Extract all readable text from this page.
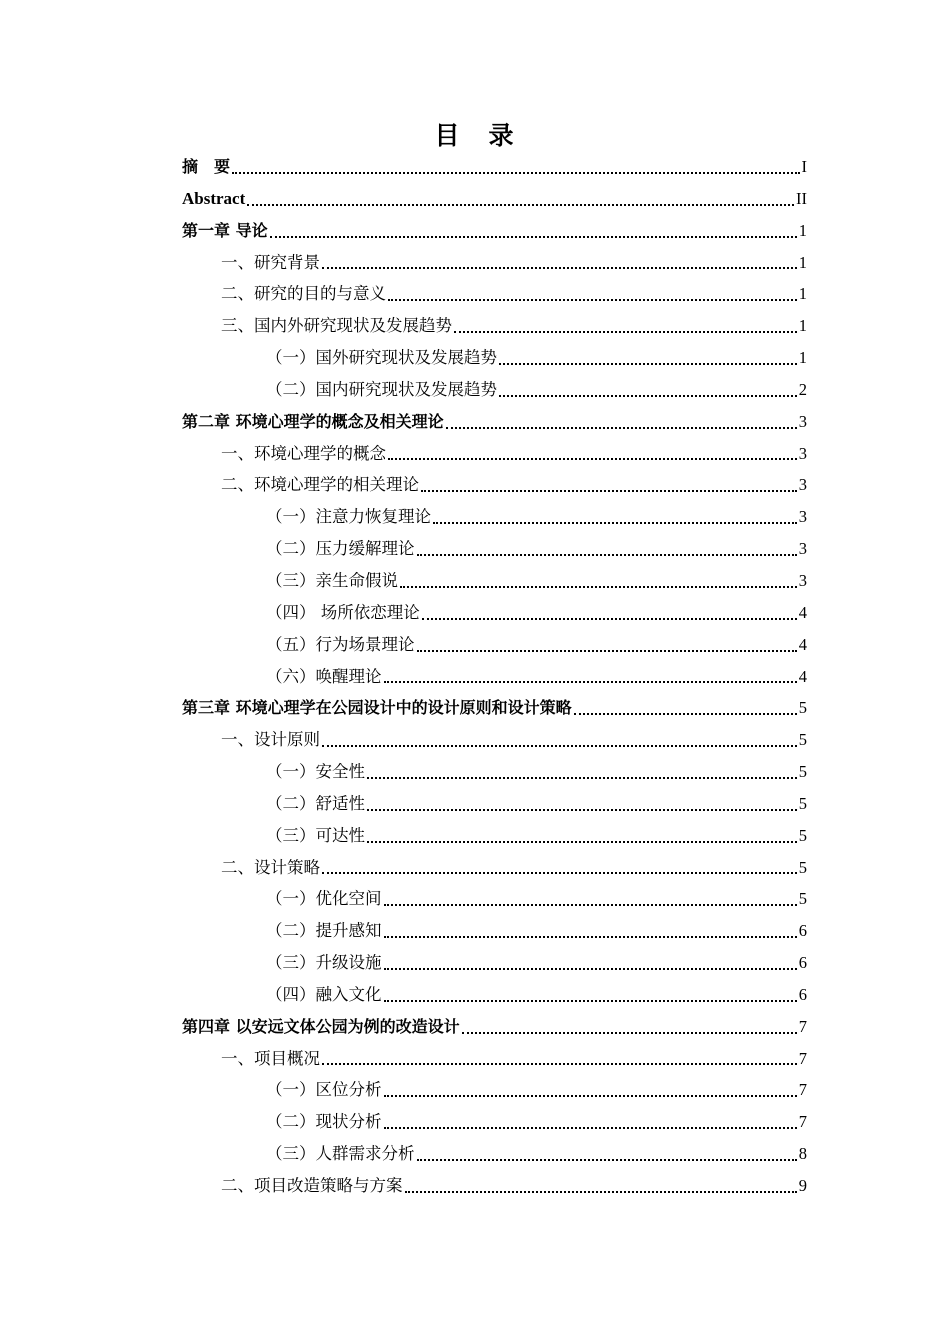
目　录
摘　要	I
Abstract	II
第一章 导论	1
一、研究背景	1
二、研究的目的与意义	1
三、国内外研究现状及发展趋势	1
（一）国外研究现状及发展趋势	1
（二）国内研究现状及发展趋势	2
第二章 环境心理学的概念及相关理论	3
一、环境心理学的概念	3
二、环境心理学的相关理论	3
（一）注意力恢复理论	3
（二）压力缓解理论	3
（三）亲生命假说	3
（四） 场所依恋理论	4
（五）行为场景理论	4
（六）唤醒理论	4
第三章 环境心理学在公园设计中的设计原则和设计策略	5
一、设计原则	5
（一）安全性	5
（二）舒适性	5
（三）可达性	5
二、设计策略	5
（一）优化空间	5
（二）提升感知	6
（三）升级设施	6
（四）融入文化	6
第四章 以安远文体公园为例的改造设计	7
一、项目概况	7
（一）区位分析	7
（二）现状分析	7
（三）人群需求分析	8
二、项目改造策略与方案	9
